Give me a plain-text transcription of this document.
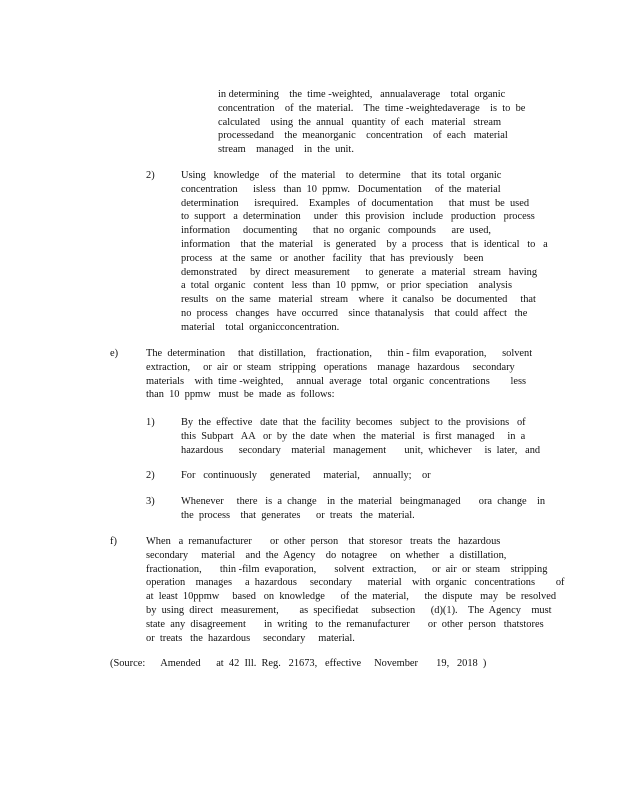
in determining    the  time -weighted,   annualaverage    total  organic
concentration    of  the  material.    The  time -weightedaverage    is  to  be
calculated    using  the  annual   quantity  of  each   material   stream
processedand    the  meanorganic    concentration    of  each   material
stream    managed    in  the  unit.
2)	Using   knowledge    of  the  material    to  determine    that  its  total  organic
concentration      isless   than  10  ppmw.   Documentation     of  the  material
determination      isrequired.    Examples   of  documentation      that  must  be  used
to  support   a  determination     under   this  provision   include   production   process
information     documenting      that  no  organic   compounds      are  used,
information    that  the  material    is  generated    by  a  process   that  is  identical   to   a
process   at  the  same   or  another   facility   that  has  previously    been
demonstrated     by  direct  measurement      to  generate   a  material   stream   having
a  total  organic   content   less  than  10  ppmw,   or  prior  speciation    analysis
results   on  the  same   material   stream    where   it  canalso   be  documented     that
no  process   changes   have  occurred    since  thatanalysis    that  could  affect   the
material    total  organicconcentration.
e)	The  determination     that  distillation,    fractionation,      thin - film  evaporation,      solvent
extraction,     or  air  or  steam   stripping   operations    manage   hazardous     secondary
materials    with  time -weighted,     annual  average   total  organic  concentrations        less
than  10  ppmw   must  be  made  as  follows:
1)	By  the  effective   date  that  the  facility  becomes   subject  to  the  provisions   of
this  Subpart   AA   or  by  the  date  when   the  material   is  first  managed     in  a
hazardous      secondary    material   management       unit,  whichever     is  later,   and
2)	For   continuously     generated     material,     annually;    or
3)	Whenever     there   is  a  change    in  the  material   beingmanaged       ora  change    in
the  process    that  generates      or  treats   the  material.
f)	When   a  remanufacturer       or  other  person    that  storesor   treats  the   hazardous
secondary     material    and  the  Agency    do  notagree     on  whether    a  distillation,
fractionation,       thin -film  evaporation,       solvent   extraction,      or  air  or  steam    stripping
operation    manages     a  hazardous     secondary      material    with  organic   concentrations        of
at  least  10ppmw     based   on  knowledge      of  the  material,      the  dispute   may   be  resolved
by  using  direct   measurement,        as  specifiedat     subsection      (d)(1).    The  Agency    must
state  any  disagreement       in  writing   to  the  remanufacturer       or  other  person   thatstores
or  treats   the  hazardous     secondary     material.
(Source:      Amended      at  42  Ill.  Reg.   21673,   effective     November       19,   2018  )
